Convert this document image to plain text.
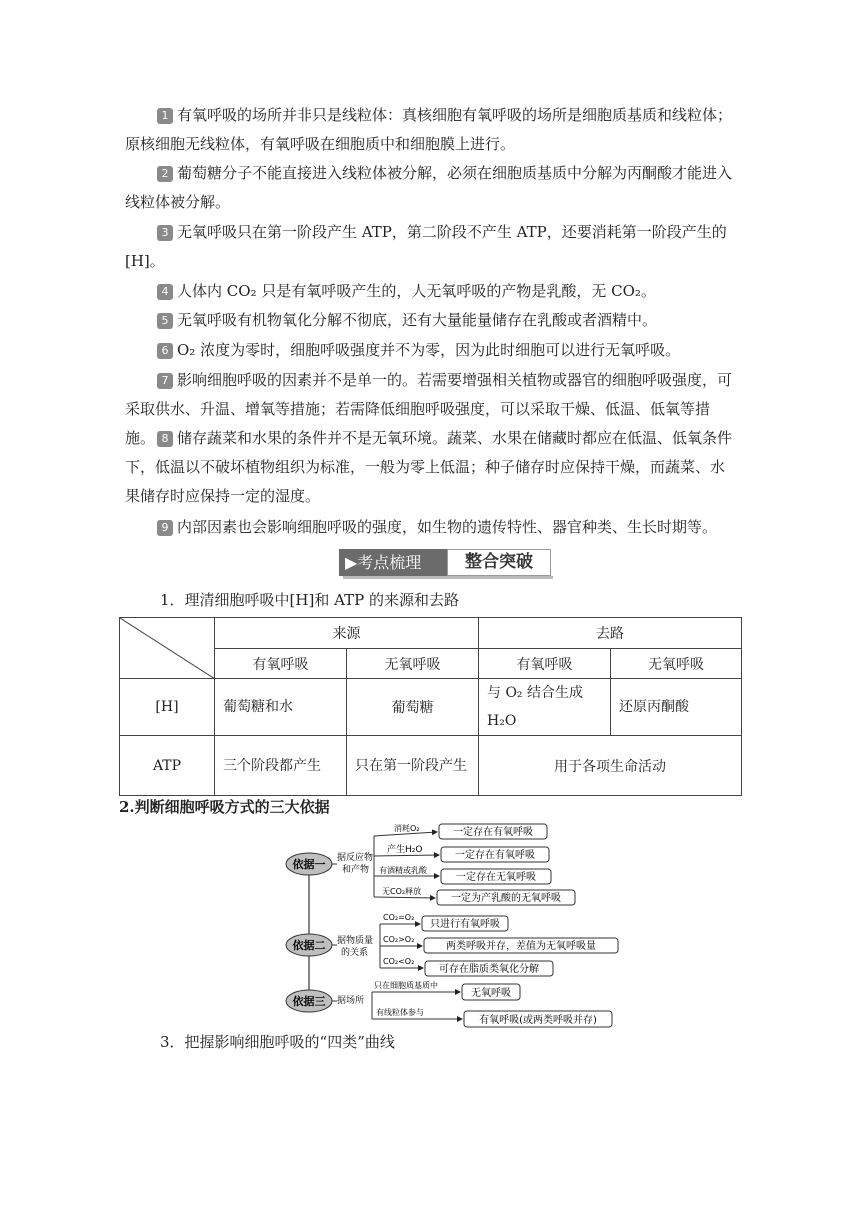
1 有氧呼吸的场所并非只是线粒体：真核细胞有氧呼吸的场所是细胞质基质和线粒体；原核细胞无线粒体，有氧呼吸在细胞质中和细胞膜上进行。

2 葡萄糖分子不能直接进入线粒体被分解，必须在细胞质基质中分解为丙酮酸才能进入线粒体被分解。

3 无氧呼吸只在第一阶段产生 ATP，第二阶段不产生 ATP，还要消耗第一阶段产生的[H]。

4 人体内 CO₂ 只是有氧呼吸产生的，人无氧呼吸的产物是乳酸，无 CO₂。

5 无氧呼吸有机物氧化分解不彻底，还有大量能量储存在乳酸或者酒精中。

6 O₂ 浓度为零时，细胞呼吸强度并不为零，因为此时细胞可以进行无氧呼吸。

7 影响细胞呼吸的因素并不是单一的。若需要增强相关植物或器官的细胞呼吸强度，可采取供水、升温、增氧等措施；若需降低细胞呼吸强度，可以采取干燥、低温、低氧等措施。 8 储存蔬菜和水果的条件并不是无氧环境。蔬菜、水果在储藏时都应在低温、低氧条件下，低温以不破坏植物组织为标准，一般为零上低温；种子储存时应保持干燥，而蔬菜、水果储存时应保持一定的湿度。

9 内部因素也会影响细胞呼吸的强度，如生物的遗传特性、器官种类、生长时期等。

▶考点梳理	整合突破

1．理清细胞呼吸中[H]和 ATP 的来源和去路

	来源		去路	
	有氧呼吸	无氧呼吸	有氧呼吸	无氧呼吸
[H]	葡萄糖和水	葡萄糖	与 O₂ 结合生成 H₂O	还原丙酮酸
ATP	三个阶段都产生	只在第一阶段产生	用于各项生命活动	

2.判断细胞呼吸方式的三大依据

依据一 据反应物
和产物
消耗O₂
产生H₂O
有酒精或乳酸
无CO₂释放
一定存在有氧呼吸
一定存在有氧呼吸
一定存在无氧呼吸
一定为产乳酸的无氧呼吸
依据二 据物质量
的关系
CO₂=O₂
CO₂>O₂
CO₂<O₂
只进行有氧呼吸
两类呼吸并存，差值为无氧呼吸量
可存在脂质类氧化分解
依据三 据场所
只在细胞质基质中
有线粒体参与
无氧呼吸
有氧呼吸(或两类呼吸并存)

3．把握影响细胞呼吸的“四类”曲线
